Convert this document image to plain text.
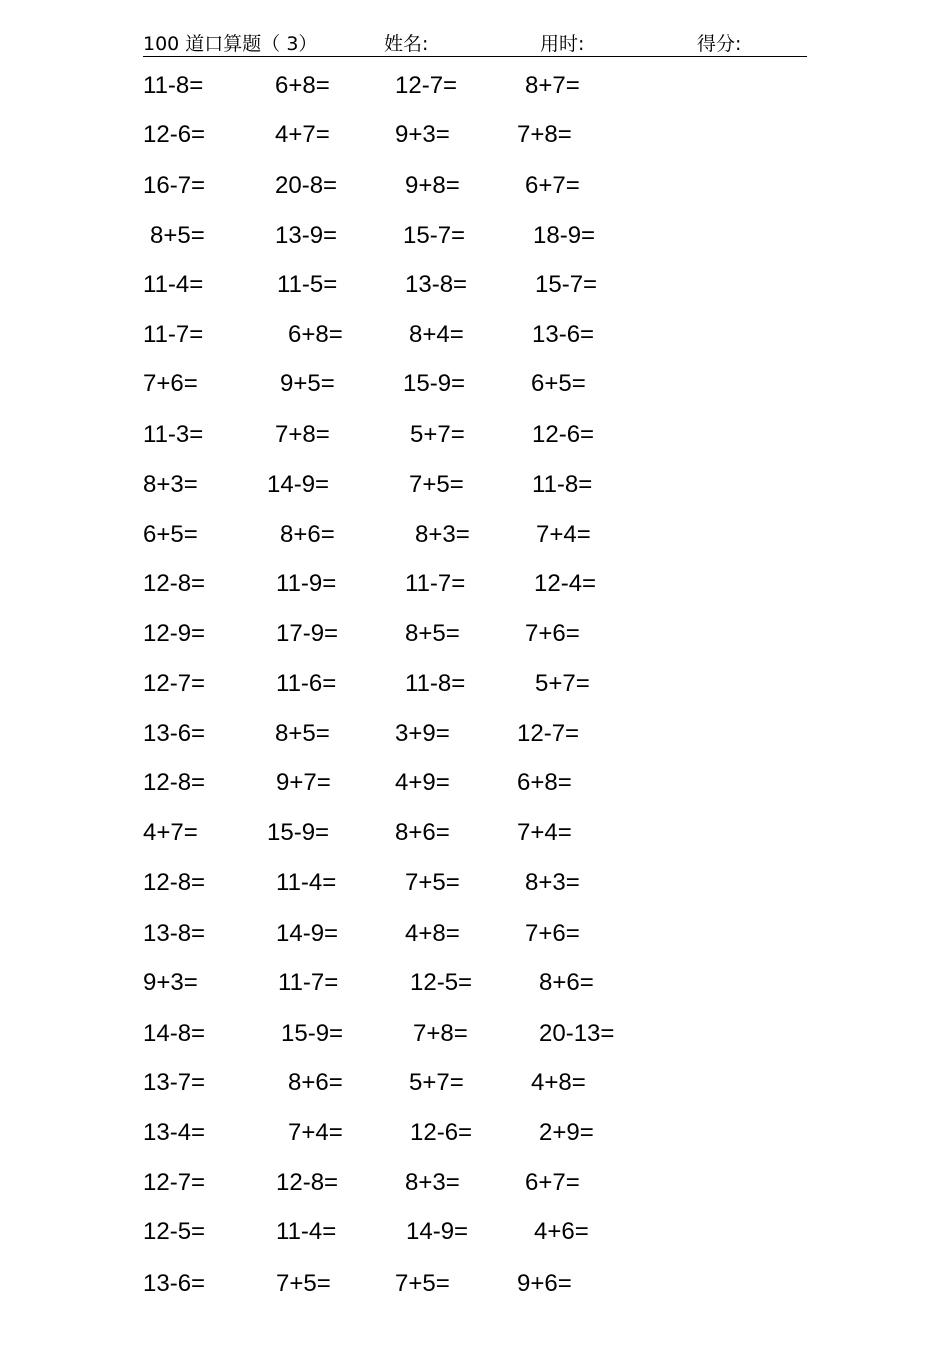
100 道口算题（ 3）	姓名:	用时:	得分:
11-8=	6+8=	12-7=	8+7=
12-6=	4+7=	9+3=	7+8=
16-7=	20-8=	9+8=	6+7=
8+5=	13-9=	15-7=	18-9=
11-4=	11-5=	13-8=	15-7=
11-7=	6+8=	8+4=	13-6=
7+6=	9+5=	15-9=	6+5=
11-3=	7+8=	5+7=	12-6=
8+3=	14-9=	7+5=	11-8=
6+5=	8+6=	8+3=	7+4=
12-8=	11-9=	11-7=	12-4=
12-9=	17-9=	8+5=	7+6=
12-7=	11-6=	11-8=	5+7=
13-6=	8+5=	3+9=	12-7=
12-8=	9+7=	4+9=	6+8=
4+7=	15-9=	8+6=	7+4=
12-8=	11-4=	7+5=	8+3=
13-8=	14-9=	4+8=	7+6=
9+3=	11-7=	12-5=	8+6=
14-8=	15-9=	7+8=	20-13=
13-7=	8+6=	5+7=	4+8=
13-4=	7+4=	12-6=	2+9=
12-7=	12-8=	8+3=	6+7=
12-5=	11-4=	14-9=	4+6=
13-6=	7+5=	7+5=	9+6=
